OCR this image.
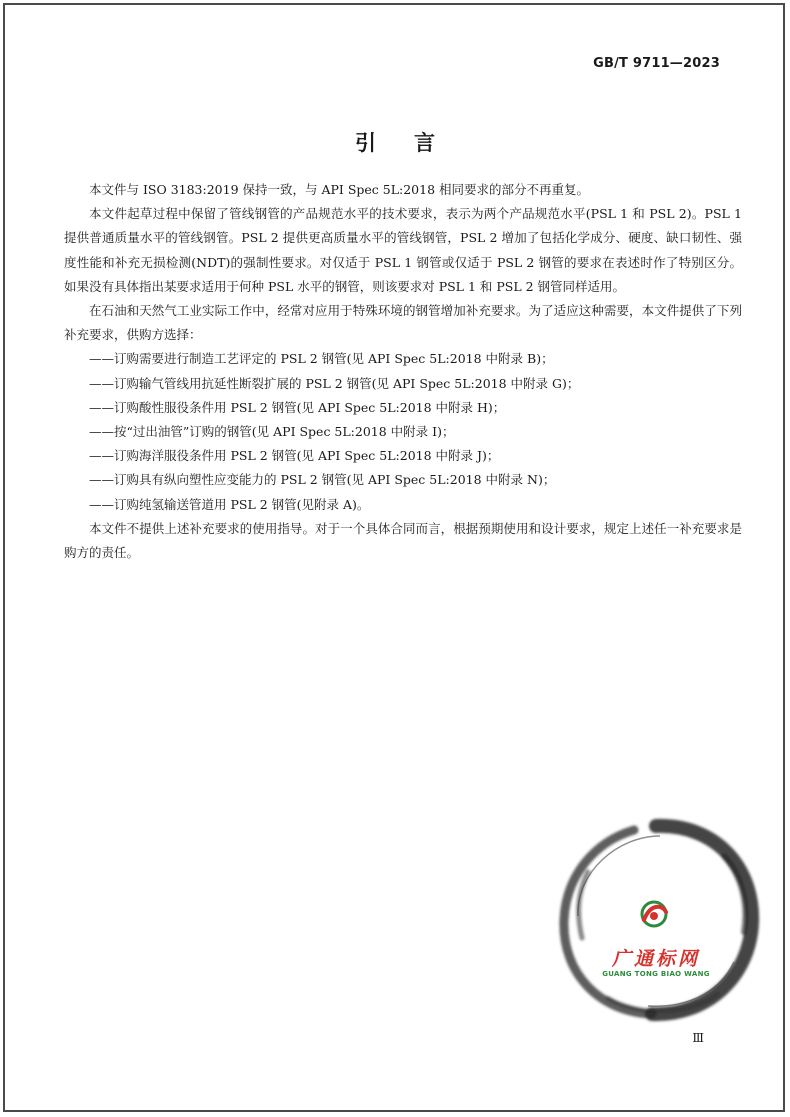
GB/T 9711—2023
引言

本文件与 ISO 3183:2019 保持一致，与 API Spec 5L:2018 相同要求的部分不再重复。

本文件起草过程中保留了管线钢管的产品规范水平的技术要求，表示为两个产品规范水平(PSL 1 和 PSL 2)。PSL 1 提供普通质量水平的管线钢管。PSL 2 提供更高质量水平的管线钢管，PSL 2 增加了包括化学成分、硬度、缺口韧性、强度性能和补充无损检测(NDT)的强制性要求。对仅适于 PSL 1 钢管或仅适于 PSL 2 钢管的要求在表述时作了特别区分。如果没有具体指出某要求适用于何种 PSL 水平的钢管，则该要求对 PSL 1 和 PSL 2 钢管同样适用。

在石油和天然气工业实际工作中，经常对应用于特殊环境的钢管增加补充要求。为了适应这种需要，本文件提供了下列补充要求，供购方选择：

——订购需要进行制造工艺评定的 PSL 2 钢管(见 API Spec 5L:2018 中附录 B)；
——订购输气管线用抗延性断裂扩展的 PSL 2 钢管(见 API Spec 5L:2018 中附录 G)；
——订购酸性服役条件用 PSL 2 钢管(见 API Spec 5L:2018 中附录 H)；
——按“过出油管”订购的钢管(见 API Spec 5L:2018 中附录 I)；
——订购海洋服役条件用 PSL 2 钢管(见 API Spec 5L:2018 中附录 J)；
——订购具有纵向塑性应变能力的 PSL 2 钢管(见 API Spec 5L:2018 中附录 N)；
——订购纯氢输送管道用 PSL 2 钢管(见附录 A)。

本文件不提供上述补充要求的使用指导。对于一个具体合同而言，根据预期使用和设计要求，规定上述任一补充要求是购方的责任。

广通标网
GUANG TONG BIAO WANG
Ⅲ
